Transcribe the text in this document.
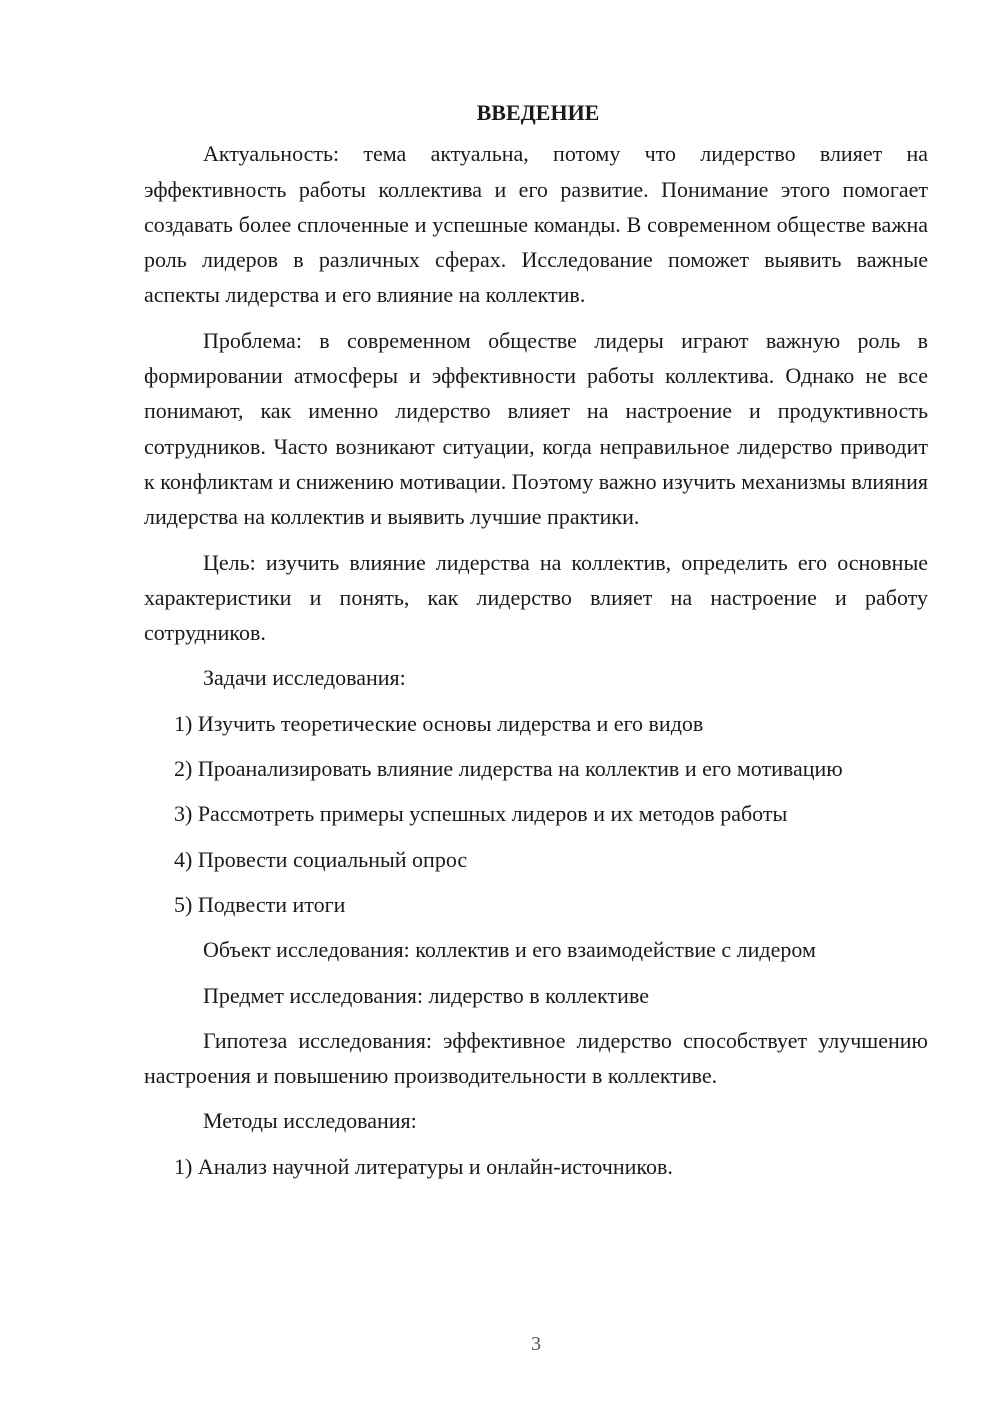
ВВЕДЕНИЕ

Актуальность: тема актуальна, потому что лидерство влияет на эффективность работы коллектива и его развитие. Понимание этого помогает создавать более сплоченные и успешные команды. В современном обществе важна роль лидеров в различных сферах. Исследование поможет выявить важные аспекты лидерства и его влияние на коллектив.

Проблема: в современном обществе лидеры играют важную роль в формировании атмосферы и эффективности работы коллектива. Однако не все понимают, как именно лидерство влияет на настроение и продуктивность сотрудников. Часто возникают ситуации, когда неправильное лидерство приводит к конфликтам и снижению мотивации. Поэтому важно изучить механизмы влияния лидерства на коллектив и выявить лучшие практики.

Цель: изучить влияние лидерства на коллектив, определить его основные характеристики и понять, как лидерство влияет на настроение и работу сотрудников.

Задачи исследования:

1) Изучить теоретические основы лидерства и его видов

2) Проанализировать влияние лидерства на коллектив и его мотивацию

3) Рассмотреть примеры успешных лидеров и их методов работы

4) Провести социальный опрос

5) Подвести итоги

Объект исследования: коллектив и его взаимодействие с лидером

Предмет исследования: лидерство в коллективе

Гипотеза исследования: эффективное лидерство способствует улучшению настроения и повышению производительности в коллективе.

Методы исследования:

1) Анализ научной литературы и онлайн-источников.

3
